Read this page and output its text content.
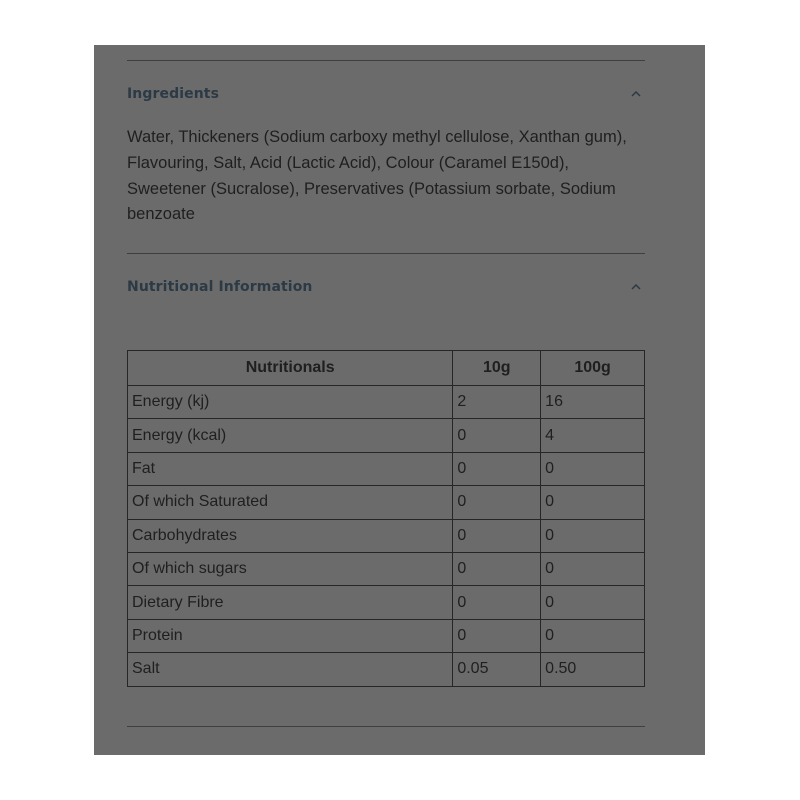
Ingredients
Water, Thickeners (Sodium carboxy methyl cellulose, Xanthan gum), Flavouring, Salt, Acid (Lactic Acid), Colour (Caramel E150d), Sweetener (Sucralose), Preservatives (Potassium sorbate, Sodium benzoate
Nutritional Information
Nutritionals	10g	100g
Energy (kj)	2	16
Energy (kcal)	0	4
Fat	0	0
Of which Saturated	0	0
Carbohydrates	0	0
Of which sugars	0	0
Dietary Fibre	0	0
Protein	0	0
Salt	0.05	0.50
